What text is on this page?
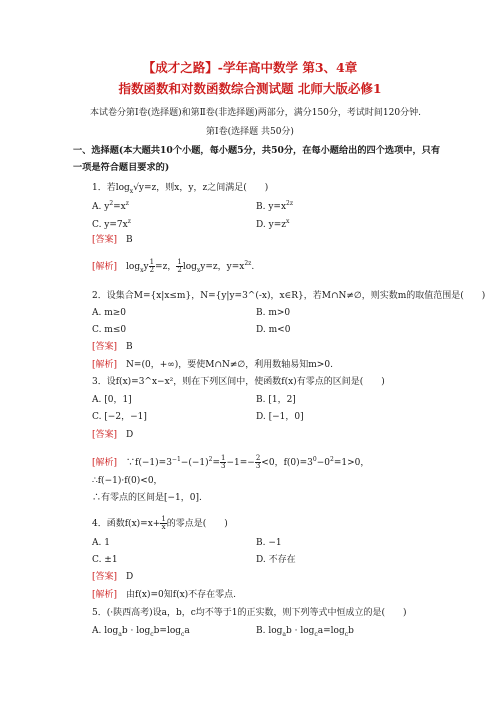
【成才之路】-学年高中数学 第3、4章
指数函数和对数函数综合测试题 北师大版必修1
本试卷分第Ⅰ卷(选择题)和第Ⅱ卷(非选择题)两部分，满分150分，考试时间120分钟.
第Ⅰ卷(选择题 共50分)
一、选择题(本大题共10个小题，每小题5分，共50分，在每小题给出的四个选项中，只有
一项是符合题目要求的)
1．若$\log_x√y=z$，则x，y，z之间满足(　　)
A. $y^2=x^z$	B. $y=x^{2z}$
C. $y=7x^z$	D. $y=z^x$
[答案]　 B
[解析]　$\log_xy \frac{1}{2} =z$， $\frac{1}{2} \log_xy=z$，$y=x^{2z}$.
2．设集合M={x|x≤m}，N={y|y=3^(-x)，x∈R}，若M∩N≠∅，则实数m的取值范围是(　　)
A. m≥0	B. m>0
C. m≤0	D. m<0
[答案]　 B
[解析]　 N=(0，+∞)，要使M∩N≠∅，利用数轴易知m>0.
3．设f(x)=3^x−x²，则在下列区间中，使函数f(x)有零点的区间是(　　)
A. [0，1]	B. [1，2]
C. [−2，−1]	D. [−1，0]
[答案]　 D
[解析]　$\because f(-1)=3^{-1}-(-1)^2= \frac{1}{3} -1=- \frac{2}{3} <0$，$f(0)=3^0-0^2=1>0$，
∴f(−1)·f(0)<0，
∴有零点的区间是[−1，0].
4．函数$f(x)=x+ \frac{1}{x}$ 的零点是(　　)
A. 1	B. −1
C. ±1	D. 不存在
[答案]　 D
[解析]　 由f(x)=0知f(x)不存在零点.
5．(·陕西高考)设a，b，c均不等于1的正实数，则下列等式中恒成立的是(　　)
A. $\log_ab \cdot \log_cb=\log_ca$	B. $\log_ab \cdot \log_ca=\log_cb$
